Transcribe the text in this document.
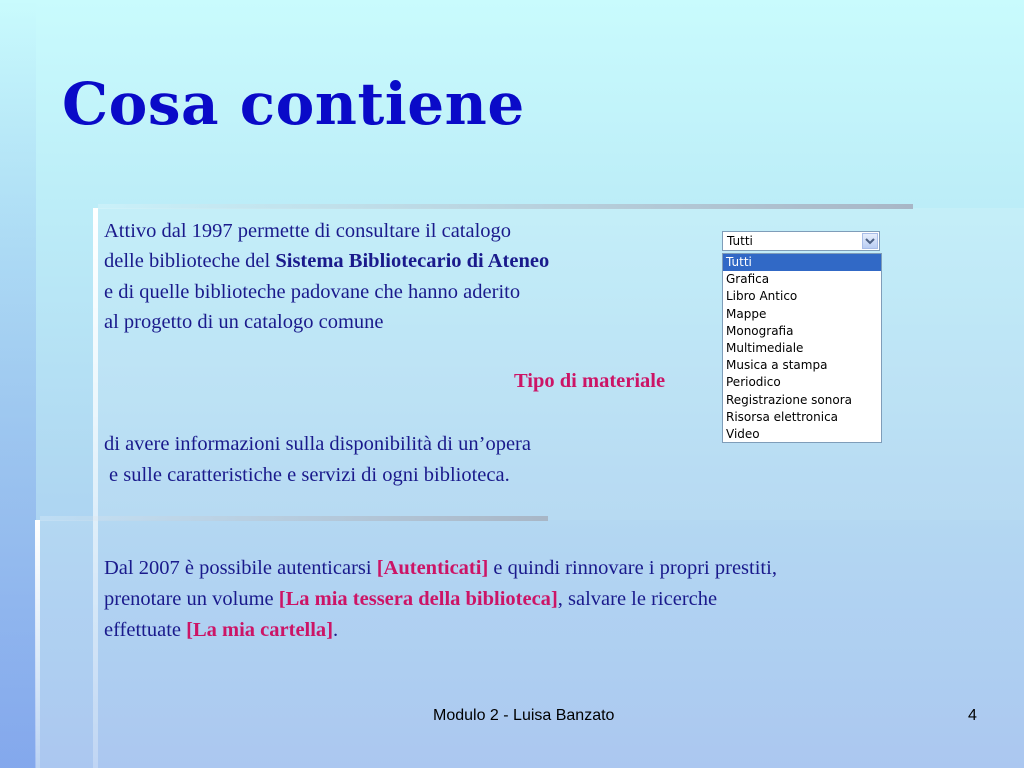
Cosa contiene
Attivo dal 1997 permette di consultare il catalogo
delle biblioteche del Sistema Bibliotecario di Ateneo
e di quelle biblioteche padovane che hanno aderito
al progetto di un catalogo comune
Tipo di materiale
di avere informazioni sulla disponibilità di un’opera
e sulle caratteristiche e servizi di ogni biblioteca.
Dal 2007 è possibile autenticarsi [Autenticati] e quindi rinnovare i propri prestiti,
prenotare un volume [La mia tessera della biblioteca], salvare le ricerche
effettuate [La mia cartella].
Tutti
Tutti
Grafica
Libro Antico
Mappe
Monografia
Multimediale
Musica a stampa
Periodico
Registrazione sonora
Risorsa elettronica
Video
Modulo 2 - Luisa Banzato	4
